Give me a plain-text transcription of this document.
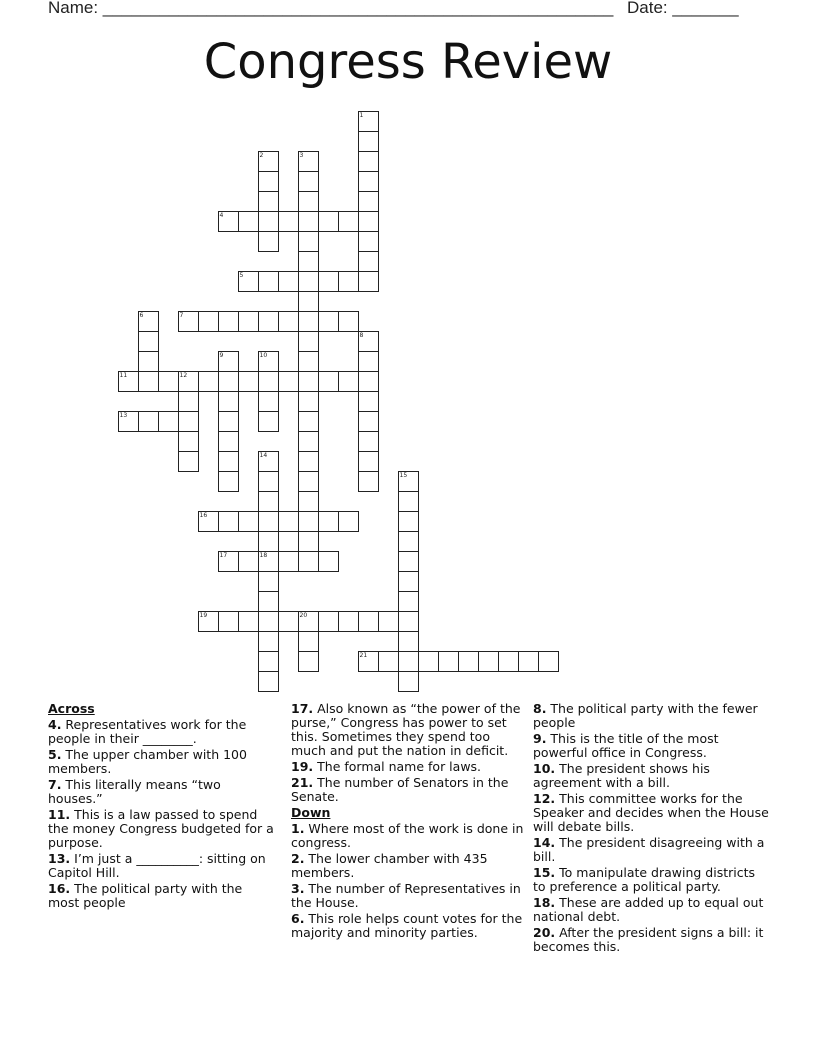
Name: ______________________________________________________ Date: _______
Congress Review
1
2	3
4
5
6	7
8
9	10
11	12
13
14
15
16
17	18
19	20
21
Across
4. Representatives work for the people in their ________.
5. The upper chamber with 100 members.
7. This literally means “two houses.”
11. This is a law passed to spend the money Congress budgeted for a purpose.
13. I’m just a __________: sitting on Capitol Hill.
16. The political party with the most people
17. Also known as “the power of the purse,” Congress has power to set this. Sometimes they spend too much and put the nation in deficit.
19. The formal name for laws.
21. The number of Senators in the Senate.
Down
1. Where most of the work is done in congress.
2. The lower chamber with 435 members.
3. The number of Representatives in the House.
6. This role helps count votes for the majority and minority parties.
8. The political party with the fewer people
9. This is the title of the most powerful office in Congress.
10. The president shows his agreement with a bill.
12. This committee works for the Speaker and decides when the House will debate bills.
14. The president disagreeing with a bill.
15. To manipulate drawing districts to preference a political party.
18. These are added up to equal out national debt.
20. After the president signs a bill: it becomes this.
